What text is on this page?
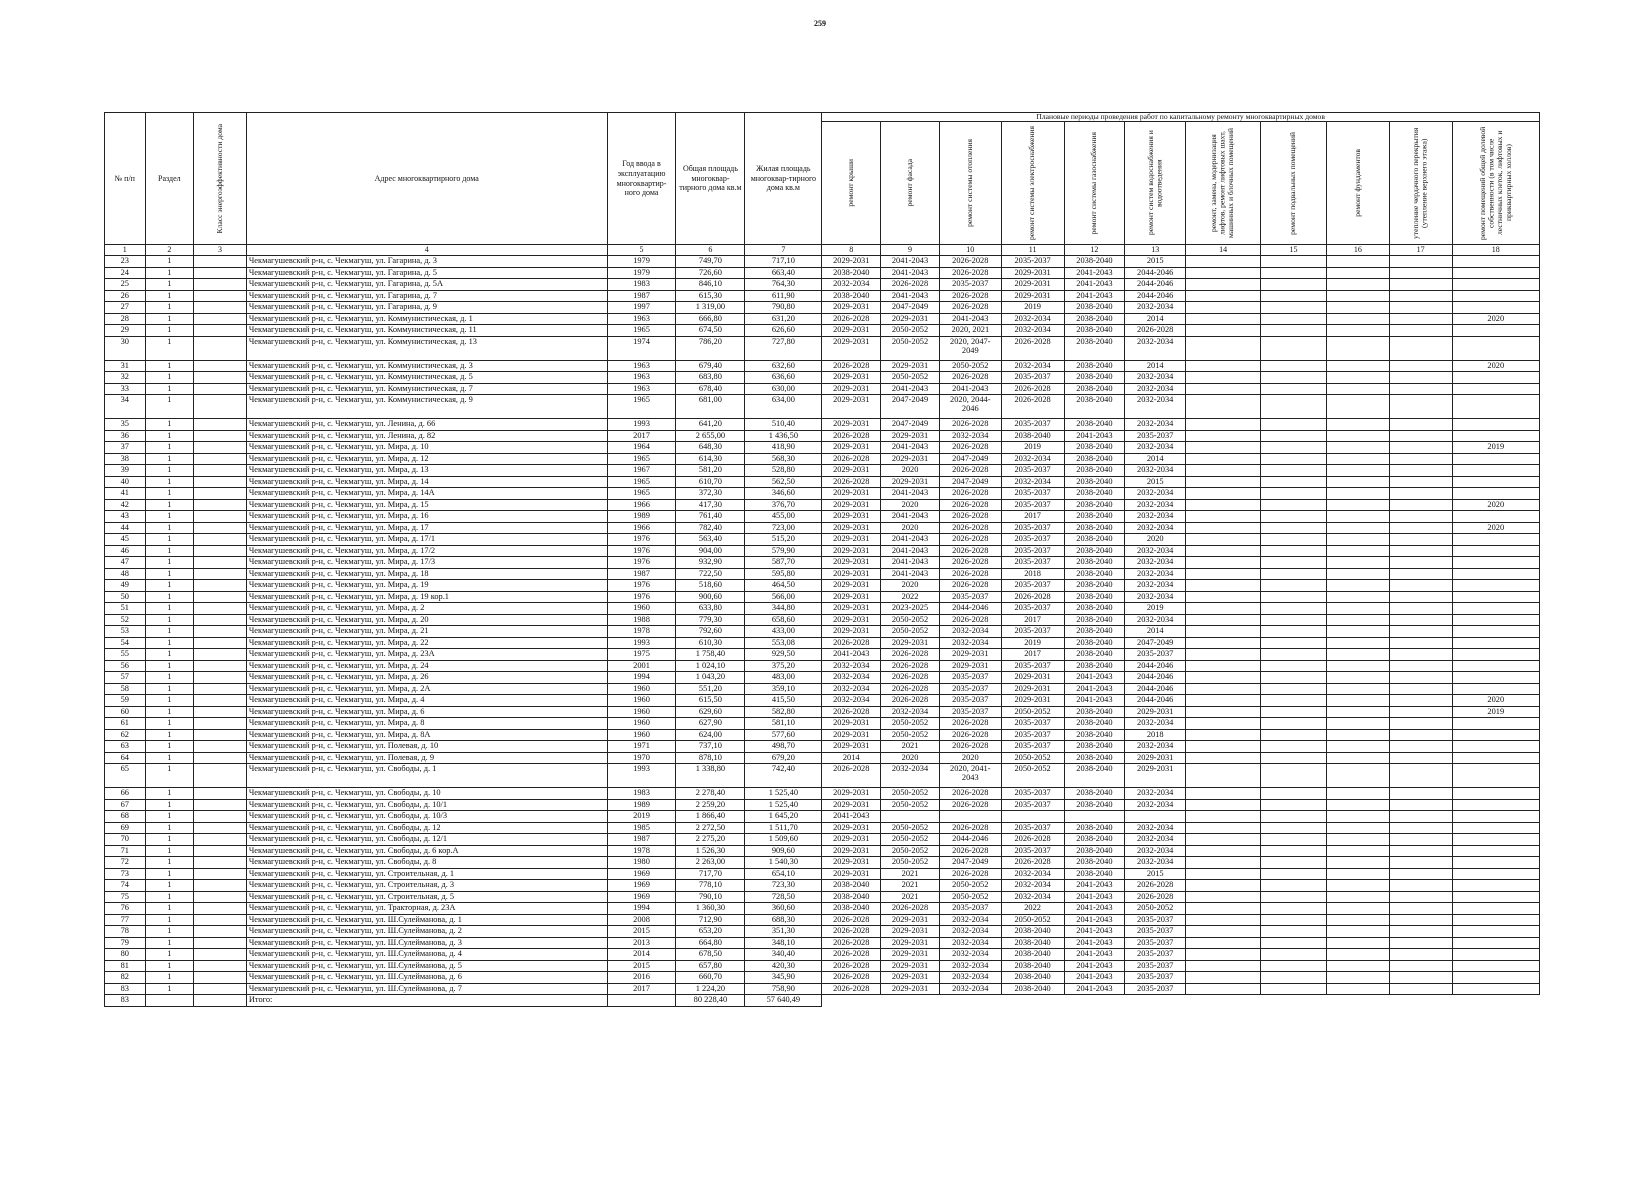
259
№ п/п	Раздел	Класс энергоэффективности дома	Адрес многоквартирного дома	Год ввода в эксплуатацию многоквартир-ного дома	Общая площадь многоквар-тирного дома кв.м	Жилая площадь многоквар-тирного дома кв.м	Плановые периоды проведения работ по капитальному ремонту многоквартирных домов										

							ремонт крыши	ремонт фасада	ремонт системы отопления	ремонт системы электроснабжения	ремонт системы газоснабжения	ремонт систем водоснабжения и водоотведения	ремонт, замена, модернизация лифтов, ремонт лифтовых шахт, машинных и блочных помещений	ремонт подвальных помещений	ремонт фундаментов	утепление чердачного перекрытия (утепление верхнего этажа)	ремонт помещений общей долевой собственности (в том числе лестничных клеток, лифтовых и приквартирных холлов)

1	2	3	4	5	6	7	8	9	10	11	12	13	14	15	16	17	18
23	1		Чекмагушевский р-н, с. Чекмагуш, ул. Гагарина, д. 3	1979	749,70	717,10	2029-2031	2041-2043	2026-2028	2035-2037	2038-2040	2015					
24	1		Чекмагушевский р-н, с. Чекмагуш, ул. Гагарина, д. 5	1979	726,60	663,40	2038-2040	2041-2043	2026-2028	2029-2031	2041-2043	2044-2046					
25	1		Чекмагушевский р-н, с. Чекмагуш, ул. Гагарина, д. 5А	1983	846,10	764,30	2032-2034	2026-2028	2035-2037	2029-2031	2041-2043	2044-2046					
26	1		Чекмагушевский р-н, с. Чекмагуш, ул. Гагарина, д. 7	1987	615,30	611,90	2038-2040	2041-2043	2026-2028	2029-2031	2041-2043	2044-2046					
27	1		Чекмагушевский р-н, с. Чекмагуш, ул. Гагарина, д. 9	1997	1 319,00	790,80	2029-2031	2047-2049	2026-2028	2019	2038-2040	2032-2034					
28	1		Чекмагушевский р-н, с. Чекмагуш, ул. Коммунистическая, д. 1	1963	666,80	631,20	2026-2028	2029-2031	2041-2043	2032-2034	2038-2040	2014					2020
29	1		Чекмагушевский р-н, с. Чекмагуш, ул. Коммунистическая, д. 11	1965	674,50	626,60	2029-2031	2050-2052	2020, 2021	2032-2034	2038-2040	2026-2028					
30	1		Чекмагушевский р-н, с. Чекмагуш, ул. Коммунистическая, д. 13	1974	786,20	727,80	2029-2031	2050-2052	2020, 2047-2049	2026-2028	2038-2040	2032-2034					
31	1		Чекмагушевский р-н, с. Чекмагуш, ул. Коммунистическая, д. 3	1963	679,40	632,60	2026-2028	2029-2031	2050-2052	2032-2034	2038-2040	2014					2020
32	1		Чекмагушевский р-н, с. Чекмагуш, ул. Коммунистическая, д. 5	1963	683,80	636,60	2029-2031	2050-2052	2026-2028	2035-2037	2038-2040	2032-2034					
33	1		Чекмагушевский р-н, с. Чекмагуш, ул. Коммунистическая, д. 7	1963	678,40	630,00	2029-2031	2041-2043	2041-2043	2026-2028	2038-2040	2032-2034					
34	1		Чекмагушевский р-н, с. Чекмагуш, ул. Коммунистическая, д. 9	1965	681,00	634,00	2029-2031	2047-2049	2020, 2044-2046	2026-2028	2038-2040	2032-2034					
35	1		Чекмагушевский р-н, с. Чекмагуш, ул. Ленина, д. 66	1993	641,20	510,40	2029-2031	2047-2049	2026-2028	2035-2037	2038-2040	2032-2034					
36	1		Чекмагушевский р-н, с. Чекмагуш, ул. Ленина, д. 82	2017	2 655,00	1 436,50	2026-2028	2029-2031	2032-2034	2038-2040	2041-2043	2035-2037					
37	1		Чекмагушевский р-н, с. Чекмагуш, ул. Мира, д. 10	1964	648,30	418,90	2029-2031	2041-2043	2026-2028	2019	2038-2040	2032-2034					2019
38	1		Чекмагушевский р-н, с. Чекмагуш, ул. Мира, д. 12	1965	614,30	568,30	2026-2028	2029-2031	2047-2049	2032-2034	2038-2040	2014					
39	1		Чекмагушевский р-н, с. Чекмагуш, ул. Мира, д. 13	1967	581,20	528,80	2029-2031	2020	2026-2028	2035-2037	2038-2040	2032-2034					
40	1		Чекмагушевский р-н, с. Чекмагуш, ул. Мира, д. 14	1965	610,70	562,50	2026-2028	2029-2031	2047-2049	2032-2034	2038-2040	2015					
41	1		Чекмагушевский р-н, с. Чекмагуш, ул. Мира, д. 14А	1965	372,30	346,60	2029-2031	2041-2043	2026-2028	2035-2037	2038-2040	2032-2034					
42	1		Чекмагушевский р-н, с. Чекмагуш, ул. Мира, д. 15	1966	417,30	376,70	2029-2031	2020	2026-2028	2035-2037	2038-2040	2032-2034					2020
43	1		Чекмагушевский р-н, с. Чекмагуш, ул. Мира, д. 16	1989	761,40	455,00	2029-2031	2041-2043	2026-2028	2017	2038-2040	2032-2034					
44	1		Чекмагушевский р-н, с. Чекмагуш, ул. Мира, д. 17	1966	782,40	723,00	2029-2031	2020	2026-2028	2035-2037	2038-2040	2032-2034					2020
45	1		Чекмагушевский р-н, с. Чекмагуш, ул. Мира, д. 17/1	1976	563,40	515,20	2029-2031	2041-2043	2026-2028	2035-2037	2038-2040	2020					
46	1		Чекмагушевский р-н, с. Чекмагуш, ул. Мира, д. 17/2	1976	904,00	579,90	2029-2031	2041-2043	2026-2028	2035-2037	2038-2040	2032-2034					
47	1		Чекмагушевский р-н, с. Чекмагуш, ул. Мира, д. 17/3	1976	932,90	587,70	2029-2031	2041-2043	2026-2028	2035-2037	2038-2040	2032-2034					
48	1		Чекмагушевский р-н, с. Чекмагуш, ул. Мира, д. 18	1987	722,50	595,80	2029-2031	2041-2043	2026-2028	2018	2038-2040	2032-2034					
49	1		Чекмагушевский р-н, с. Чекмагуш, ул. Мира, д. 19	1976	518,60	464,50	2029-2031	2020	2026-2028	2035-2037	2038-2040	2032-2034					
50	1		Чекмагушевский р-н, с. Чекмагуш, ул. Мира, д. 19 кор.1	1976	900,60	566,00	2029-2031	2022	2035-2037	2026-2028	2038-2040	2032-2034					
51	1		Чекмагушевский р-н, с. Чекмагуш, ул. Мира, д. 2	1960	633,80	344,80	2029-2031	2023-2025	2044-2046	2035-2037	2038-2040	2019					
52	1		Чекмагушевский р-н, с. Чекмагуш, ул. Мира, д. 20	1988	779,30	658,60	2029-2031	2050-2052	2026-2028	2017	2038-2040	2032-2034					
53	1		Чекмагушевский р-н, с. Чекмагуш, ул. Мира, д. 21	1978	792,60	433,00	2029-2031	2050-2052	2032-2034	2035-2037	2038-2040	2014					
54	1		Чекмагушевский р-н, с. Чекмагуш, ул. Мира, д. 22	1993	610,30	553,08	2026-2028	2029-2031	2032-2034	2019	2038-2040	2047-2049					
55	1		Чекмагушевский р-н, с. Чекмагуш, ул. Мира, д. 23А	1975	1 758,40	929,50	2041-2043	2026-2028	2029-2031	2017	2038-2040	2035-2037					
56	1		Чекмагушевский р-н, с. Чекмагуш, ул. Мира, д. 24	2001	1 024,10	375,20	2032-2034	2026-2028	2029-2031	2035-2037	2038-2040	2044-2046					
57	1		Чекмагушевский р-н, с. Чекмагуш, ул. Мира, д. 26	1994	1 043,20	483,00	2032-2034	2026-2028	2035-2037	2029-2031	2041-2043	2044-2046					
58	1		Чекмагушевский р-н, с. Чекмагуш, ул. Мира, д. 2А	1960	551,20	359,10	2032-2034	2026-2028	2035-2037	2029-2031	2041-2043	2044-2046					
59	1		Чекмагушевский р-н, с. Чекмагуш, ул. Мира, д. 4	1960	615,50	415,50	2032-2034	2026-2028	2035-2037	2029-2031	2041-2043	2044-2046					2020
60	1		Чекмагушевский р-н, с. Чекмагуш, ул. Мира, д. 6	1960	629,60	582,80	2026-2028	2032-2034	2035-2037	2050-2052	2038-2040	2029-2031					2019
61	1		Чекмагушевский р-н, с. Чекмагуш, ул. Мира, д. 8	1960	627,90	581,10	2029-2031	2050-2052	2026-2028	2035-2037	2038-2040	2032-2034					
62	1		Чекмагушевский р-н, с. Чекмагуш, ул. Мира, д. 8А	1960	624,00	577,60	2029-2031	2050-2052	2026-2028	2035-2037	2038-2040	2018					
63	1		Чекмагушевский р-н, с. Чекмагуш, ул. Полевая, д. 10	1971	737,10	498,70	2029-2031	2021	2026-2028	2035-2037	2038-2040	2032-2034					
64	1		Чекмагушевский р-н, с. Чекмагуш, ул. Полевая, д. 9	1970	878,10	679,20	2014	2020	2020	2050-2052	2038-2040	2029-2031					
65	1		Чекмагушевский р-н, с. Чекмагуш, ул. Свободы, д. 1	1993	1 338,80	742,40	2026-2028	2032-2034	2020, 2041-2043	2050-2052	2038-2040	2029-2031					
66	1		Чекмагушевский р-н, с. Чекмагуш, ул. Свободы, д. 10	1983	2 278,40	1 525,40	2029-2031	2050-2052	2026-2028	2035-2037	2038-2040	2032-2034					
67	1		Чекмагушевский р-н, с. Чекмагуш, ул. Свободы, д. 10/1	1989	2 259,20	1 525,40	2029-2031	2050-2052	2026-2028	2035-2037	2038-2040	2032-2034					
68	1		Чекмагушевский р-н, с. Чекмагуш, ул. Свободы, д. 10/3	2019	1 866,40	1 645,20	2041-2043										
69	1		Чекмагушевский р-н, с. Чекмагуш, ул. Свободы, д. 12	1985	2 272,50	1 511,70	2029-2031	2050-2052	2026-2028	2035-2037	2038-2040	2032-2034					
70	1		Чекмагушевский р-н, с. Чекмагуш, ул. Свободы, д. 12/1	1987	2 275,20	1 509,60	2029-2031	2050-2052	2044-2046	2026-2028	2038-2040	2032-2034					
71	1		Чекмагушевский р-н, с. Чекмагуш, ул. Свободы, д. 6 кор.А	1978	1 526,30	909,60	2029-2031	2050-2052	2026-2028	2035-2037	2038-2040	2032-2034					
72	1		Чекмагушевский р-н, с. Чекмагуш, ул. Свободы, д. 8	1980	2 263,00	1 540,30	2029-2031	2050-2052	2047-2049	2026-2028	2038-2040	2032-2034					
73	1		Чекмагушевский р-н, с. Чекмагуш, ул. Строительная, д. 1	1969	717,70	654,10	2029-2031	2021	2026-2028	2032-2034	2038-2040	2015					
74	1		Чекмагушевский р-н, с. Чекмагуш, ул. Строительная, д. 3	1969	778,10	723,30	2038-2040	2021	2050-2052	2032-2034	2041-2043	2026-2028					
75	1		Чекмагушевский р-н, с. Чекмагуш, ул. Строительная, д. 5	1969	790,10	728,50	2038-2040	2021	2050-2052	2032-2034	2041-2043	2026-2028					
76	1		Чекмагушевский р-н, с. Чекмагуш, ул. Тракторная, д. 23А	1994	1 360,30	360,60	2038-2040	2026-2028	2035-2037	2022	2041-2043	2050-2052					
77	1		Чекмагушевский р-н, с. Чекмагуш, ул. Ш.Сулейманова, д. 1	2008	712,90	688,30	2026-2028	2029-2031	2032-2034	2050-2052	2041-2043	2035-2037					
78	1		Чекмагушевский р-н, с. Чекмагуш, ул. Ш.Сулейманова, д. 2	2015	653,20	351,30	2026-2028	2029-2031	2032-2034	2038-2040	2041-2043	2035-2037					
79	1		Чекмагушевский р-н, с. Чекмагуш, ул. Ш.Сулейманова, д. 3	2013	664,80	348,10	2026-2028	2029-2031	2032-2034	2038-2040	2041-2043	2035-2037					
80	1		Чекмагушевский р-н, с. Чекмагуш, ул. Ш.Сулейманова, д. 4	2014	678,50	340,40	2026-2028	2029-2031	2032-2034	2038-2040	2041-2043	2035-2037					
81	1		Чекмагушевский р-н, с. Чекмагуш, ул. Ш.Сулейманова, д. 5	2015	657,80	420,30	2026-2028	2029-2031	2032-2034	2038-2040	2041-2043	2035-2037					
82	1		Чекмагушевский р-н, с. Чекмагуш, ул. Ш.Сулейманова, д. 6	2016	660,70	345,90	2026-2028	2029-2031	2032-2034	2038-2040	2041-2043	2035-2037					
83	1		Чекмагушевский р-н, с. Чекмагуш, ул. Ш.Сулейманова, д. 7	2017	1 224,20	758,90	2026-2028	2029-2031	2032-2034	2038-2040	2041-2043	2035-2037					
83			Итого:		80 228,40	57 640,49											
